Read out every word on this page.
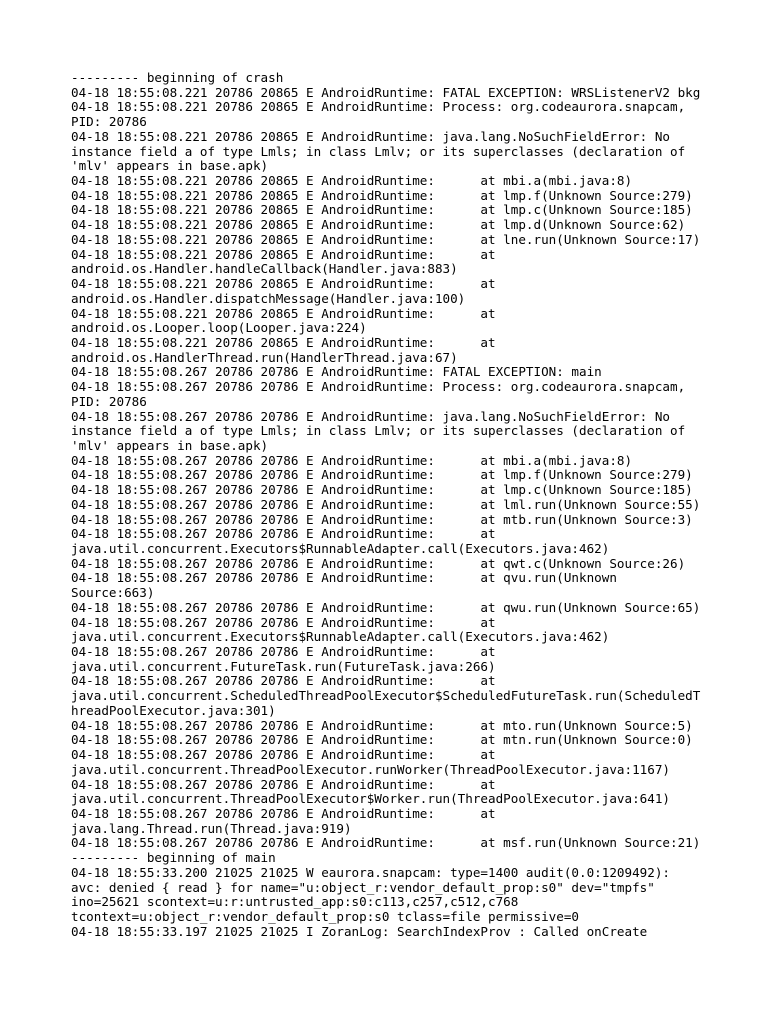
--------- beginning of crash
04-18 18:55:08.221 20786 20865 E AndroidRuntime: FATAL EXCEPTION: WRSListenerV2 bkg
04-18 18:55:08.221 20786 20865 E AndroidRuntime: Process: org.codeaurora.snapcam,
PID: 20786
04-18 18:55:08.221 20786 20865 E AndroidRuntime: java.lang.NoSuchFieldError: No
instance field a of type Lmls; in class Lmlv; or its superclasses (declaration of
'mlv' appears in base.apk)
04-18 18:55:08.221 20786 20865 E AndroidRuntime:      at mbi.a(mbi.java:8)
04-18 18:55:08.221 20786 20865 E AndroidRuntime:      at lmp.f(Unknown Source:279)
04-18 18:55:08.221 20786 20865 E AndroidRuntime:      at lmp.c(Unknown Source:185)
04-18 18:55:08.221 20786 20865 E AndroidRuntime:      at lmp.d(Unknown Source:62)
04-18 18:55:08.221 20786 20865 E AndroidRuntime:      at lne.run(Unknown Source:17)
04-18 18:55:08.221 20786 20865 E AndroidRuntime:      at
android.os.Handler.handleCallback(Handler.java:883)
04-18 18:55:08.221 20786 20865 E AndroidRuntime:      at
android.os.Handler.dispatchMessage(Handler.java:100)
04-18 18:55:08.221 20786 20865 E AndroidRuntime:      at
android.os.Looper.loop(Looper.java:224)
04-18 18:55:08.221 20786 20865 E AndroidRuntime:      at
android.os.HandlerThread.run(HandlerThread.java:67)
04-18 18:55:08.267 20786 20786 E AndroidRuntime: FATAL EXCEPTION: main
04-18 18:55:08.267 20786 20786 E AndroidRuntime: Process: org.codeaurora.snapcam,
PID: 20786
04-18 18:55:08.267 20786 20786 E AndroidRuntime: java.lang.NoSuchFieldError: No
instance field a of type Lmls; in class Lmlv; or its superclasses (declaration of
'mlv' appears in base.apk)
04-18 18:55:08.267 20786 20786 E AndroidRuntime:      at mbi.a(mbi.java:8)
04-18 18:55:08.267 20786 20786 E AndroidRuntime:      at lmp.f(Unknown Source:279)
04-18 18:55:08.267 20786 20786 E AndroidRuntime:      at lmp.c(Unknown Source:185)
04-18 18:55:08.267 20786 20786 E AndroidRuntime:      at lml.run(Unknown Source:55)
04-18 18:55:08.267 20786 20786 E AndroidRuntime:      at mtb.run(Unknown Source:3)
04-18 18:55:08.267 20786 20786 E AndroidRuntime:      at
java.util.concurrent.Executors$RunnableAdapter.call(Executors.java:462)
04-18 18:55:08.267 20786 20786 E AndroidRuntime:      at qwt.c(Unknown Source:26)
04-18 18:55:08.267 20786 20786 E AndroidRuntime:      at qvu.run(Unknown
Source:663)
04-18 18:55:08.267 20786 20786 E AndroidRuntime:      at qwu.run(Unknown Source:65)
04-18 18:55:08.267 20786 20786 E AndroidRuntime:      at
java.util.concurrent.Executors$RunnableAdapter.call(Executors.java:462)
04-18 18:55:08.267 20786 20786 E AndroidRuntime:      at
java.util.concurrent.FutureTask.run(FutureTask.java:266)
04-18 18:55:08.267 20786 20786 E AndroidRuntime:      at
java.util.concurrent.ScheduledThreadPoolExecutor$ScheduledFutureTask.run(ScheduledT
hreadPoolExecutor.java:301)
04-18 18:55:08.267 20786 20786 E AndroidRuntime:      at mto.run(Unknown Source:5)
04-18 18:55:08.267 20786 20786 E AndroidRuntime:      at mtn.run(Unknown Source:0)
04-18 18:55:08.267 20786 20786 E AndroidRuntime:      at
java.util.concurrent.ThreadPoolExecutor.runWorker(ThreadPoolExecutor.java:1167)
04-18 18:55:08.267 20786 20786 E AndroidRuntime:      at
java.util.concurrent.ThreadPoolExecutor$Worker.run(ThreadPoolExecutor.java:641)
04-18 18:55:08.267 20786 20786 E AndroidRuntime:      at
java.lang.Thread.run(Thread.java:919)
04-18 18:55:08.267 20786 20786 E AndroidRuntime:      at msf.run(Unknown Source:21)
--------- beginning of main
04-18 18:55:33.200 21025 21025 W eaurora.snapcam: type=1400 audit(0.0:1209492):
avc: denied { read } for name="u:object_r:vendor_default_prop:s0" dev="tmpfs"
ino=25621 scontext=u:r:untrusted_app:s0:c113,c257,c512,c768
tcontext=u:object_r:vendor_default_prop:s0 tclass=file permissive=0
04-18 18:55:33.197 21025 21025 I ZoranLog: SearchIndexProv : Called onCreate
